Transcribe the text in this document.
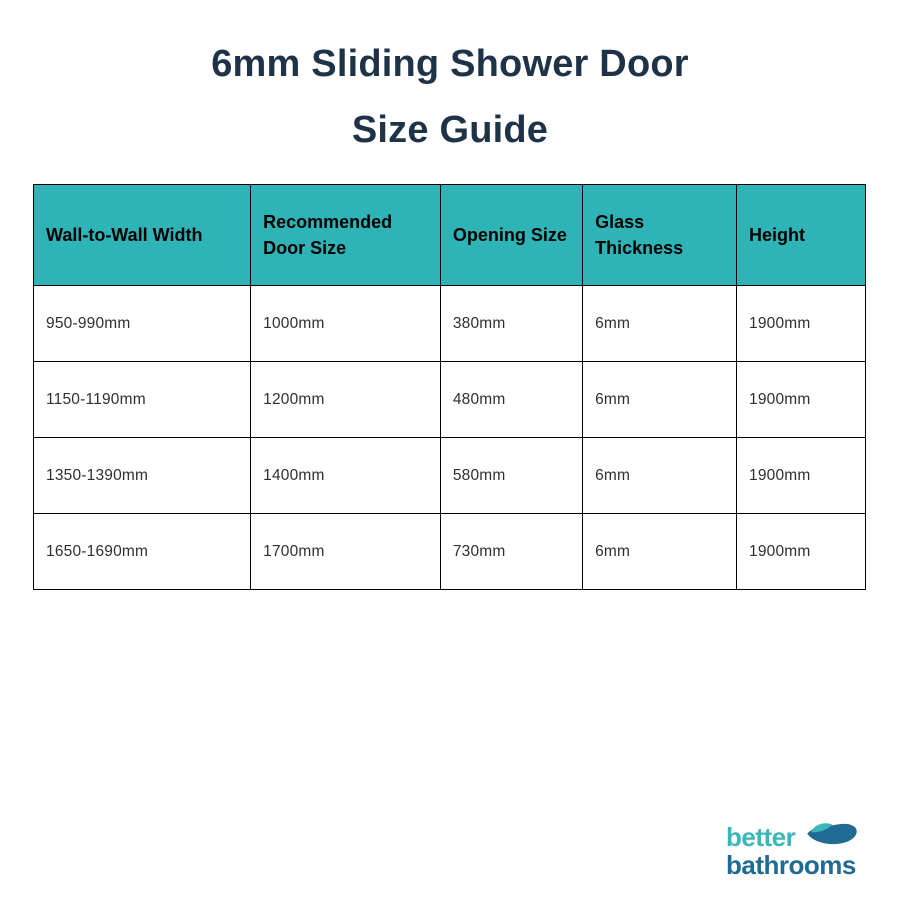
6mm Sliding Shower Door
Size Guide
Wall-to-Wall Width	Recommended Door Size	Opening Size	Glass Thickness	Height
950-990mm	1000mm	380mm	6mm	1900mm
1150-1190mm	1200mm	480mm	6mm	1900mm
1350-1390mm	1400mm	580mm	6mm	1900mm
1650-1690mm	1700mm	730mm	6mm	1900mm
better
bathrooms
